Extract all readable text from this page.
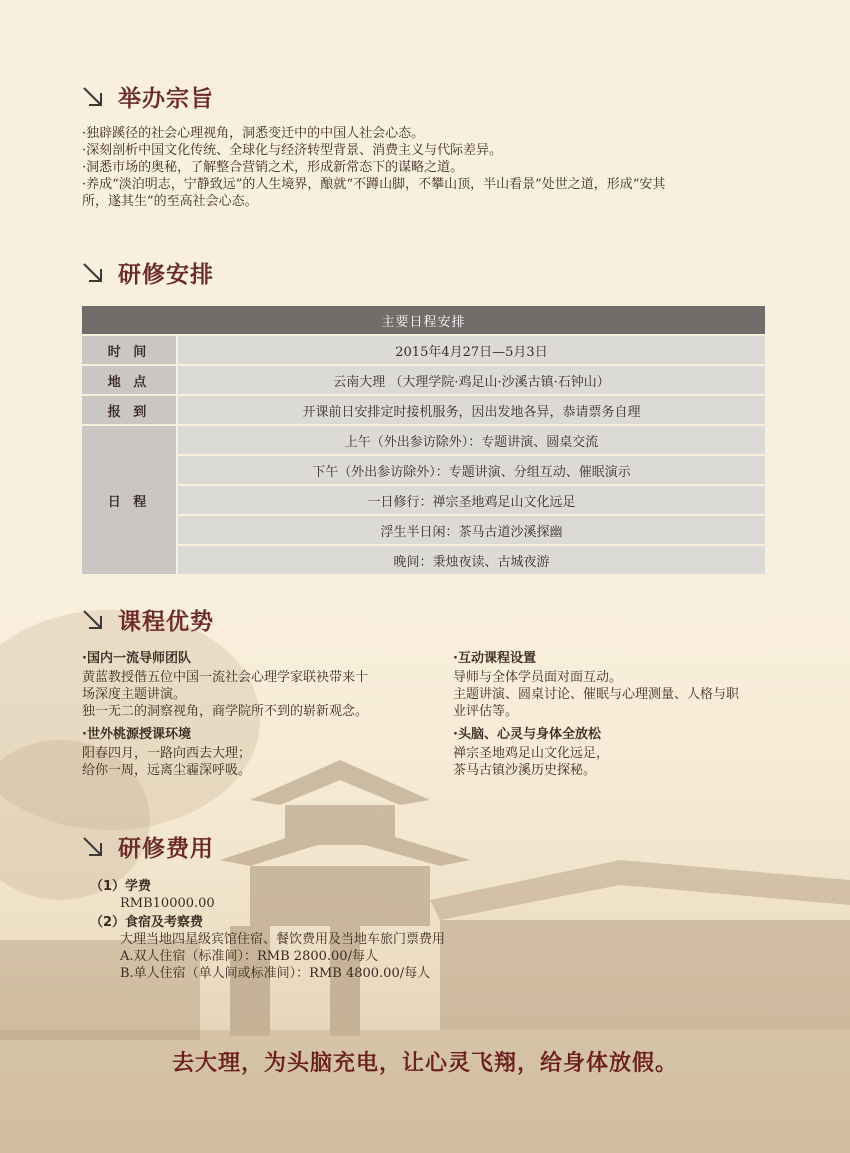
举办宗旨

·独辟蹊径的社会心理视角，洞悉变迁中的中国人社会心态。

·深刻剖析中国文化传统、全球化与经济转型背景、消费主义与代际差异。

·洞悉市场的奥秘，了解整合营销之术，形成新常态下的谋略之道。

·养成“淡泊明志，宁静致远”的人生境界，酿就“不蹲山脚，不攀山顶，半山看景”处世之道，形成“安其

所，遂其生”的至高社会心态。

研修安排
主要日程安排	
时 间	2015年4月27日—5月3日
地 点	云南大理 （大理学院·鸡足山·沙溪古镇·石钟山）
报 到	开课前日安排定时接机服务，因出发地各异，恭请票务自理
日 程	上午（外出参访除外）：专题讲演、圆桌交流
	下午（外出参访除外）：专题讲演、分组互动、催眠演示
	一日修行：禅宗圣地鸡足山文化远足
	浮生半日闲：茶马古道沙溪探幽
	晚间：秉烛夜读、古城夜游
课程优势

·国内一流导师团队

黄蓝教授偕五位中国一流社会心理学家联袂带来十

场深度主题讲演。

独一无二的洞察视角，商学院所不到的崭新观念。

·世外桃源授课环境

阳春四月，一路向西去大理；

给你一周，远离尘霾深呼吸。

·互动课程设置

导师与全体学员面对面互动。

主题讲演、圆桌讨论、催眠与心理测量、人格与职

业评估等。

·头脑、心灵与身体全放松

禅宗圣地鸡足山文化远足，

茶马古镇沙溪历史探秘。

研修费用
（1）学费
RMB10000.00
（2）食宿及考察费
大理当地四星级宾馆住宿、餐饮费用及当地车旅门票费用
A.双人住宿（标准间）：RMB 2800.00/每人
B.单人住宿（单人间或标准间）：RMB 4800.00/每人
去大理，为头脑充电，让心灵飞翔，给身体放假。
